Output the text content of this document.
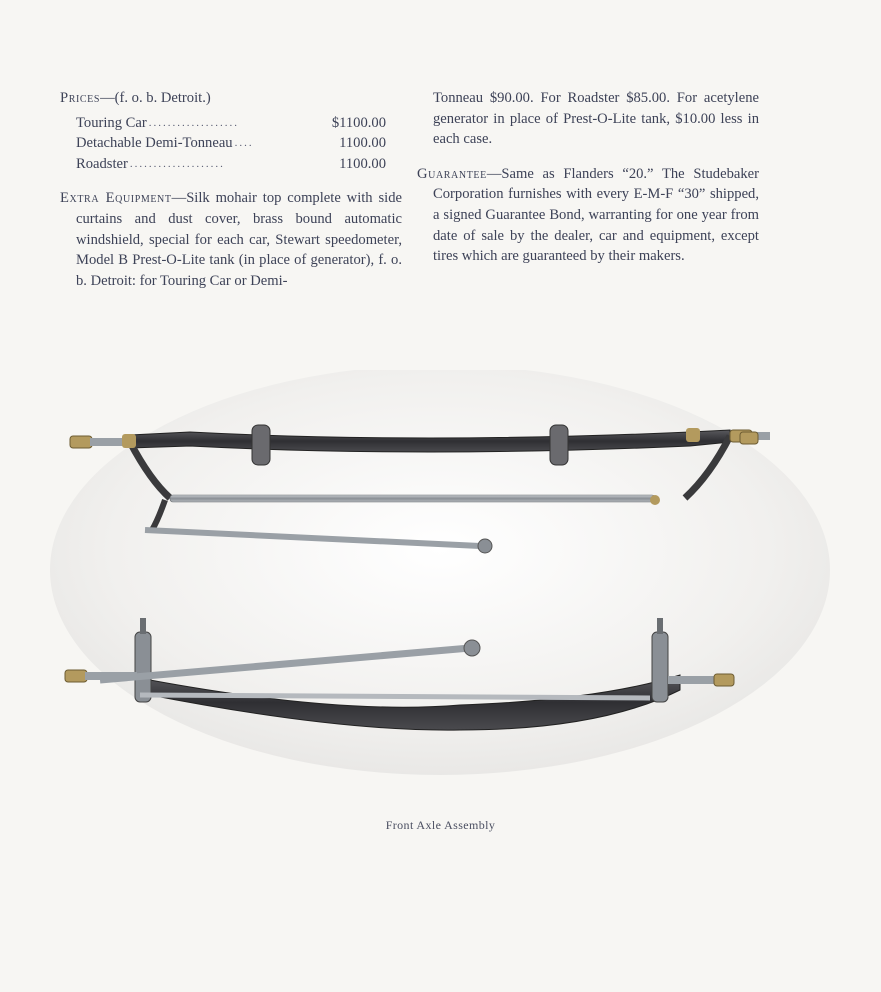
Prices—(f. o. b. Detroit.)
Touring Car ...................	$1100.00
Detachable Demi-Tonneau ....	1100.00
Roadster ....................	1100.00

Extra Equipment—Silk mohair top complete with side curtains and dust cover, brass bound automatic windshield, special for each car, Stewart speedometer, Model B Prest-O-Lite tank (in place of generator), f. o. b. Detroit: for Touring Car or Demi-

Tonneau $90.00. For Roadster $85.00. For acetylene generator in place of Prest-O-Lite tank, $10.00 less in each case.

Guarantee—Same as Flanders “20.” The Studebaker Corporation furnishes with every E-M-F “30” shipped, a signed Guarantee Bond, warranting for one year from date of sale by the dealer, car and equipment, except tires which are guaranteed by their makers.

Front Axle Assembly
